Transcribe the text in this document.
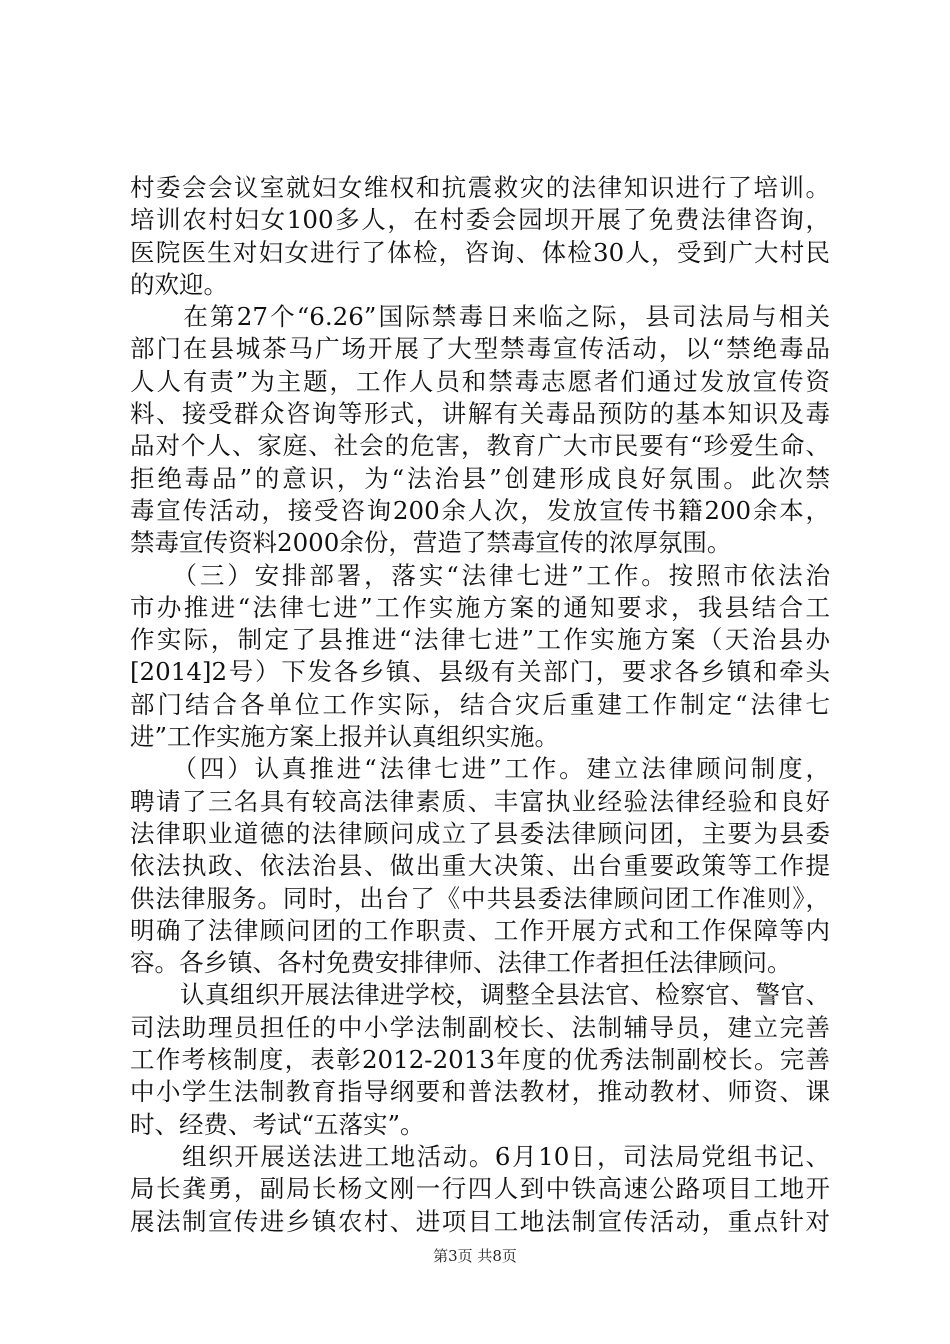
村委会会议室就妇女维权和抗震救灾的法律知识进行了培训。
培训农村妇女100多人，在村委会园坝开展了免费法律咨询，
医院医生对妇女进行了体检，咨询、体检30人，受到广大村民
的欢迎。
　　在第27个“6.26”国际禁毒日来临之际，县司法局与相关
部门在县城茶马广场开展了大型禁毒宣传活动，以“禁绝毒品
人人有责”为主题，工作人员和禁毒志愿者们通过发放宣传资
料、接受群众咨询等形式，讲解有关毒品预防的基本知识及毒
品对个人、家庭、社会的危害，教育广大市民要有“珍爱生命、
拒绝毒品”的意识，为“法治县”创建形成良好氛围。此次禁
毒宣传活动，接受咨询200余人次，发放宣传书籍200余本，
禁毒宣传资料2000余份，营造了禁毒宣传的浓厚氛围。
　　（三）安排部署，落实“法律七进”工作。按照市依法治
市办推进“法律七进”工作实施方案的通知要求，我县结合工
作实际，制定了县推进“法律七进”工作实施方案（天治县办
[2014]2号）下发各乡镇、县级有关部门，要求各乡镇和牵头
部门结合各单位工作实际，结合灾后重建工作制定“法律七
进”工作实施方案上报并认真组织实施。
　　（四）认真推进“法律七进”工作。建立法律顾问制度，
聘请了三名具有较高法律素质、丰富执业经验法律经验和良好
法律职业道德的法律顾问成立了县委法律顾问团，主要为县委
依法执政、依法治县、做出重大决策、出台重要政策等工作提
供法律服务。同时，出台了《中共县委法律顾问团工作准则》，
明确了法律顾问团的工作职责、工作开展方式和工作保障等内
容。各乡镇、各村免费安排律师、法律工作者担任法律顾问。
　　认真组织开展法律进学校，调整全县法官、检察官、警官、
司法助理员担任的中小学法制副校长、法制辅导员，建立完善
工作考核制度，表彰2012-2013年度的优秀法制副校长。完善
中小学生法制教育指导纲要和普法教材，推动教材、师资、课
时、经费、考试“五落实”。
　　组织开展送法进工地活动。6月10日，司法局党组书记、
局长龚勇，副局长杨文刚一行四人到中铁高速公路项目工地开
展法制宣传进乡镇农村、进项目工地法制宣传活动，重点针对
第3页 共8页
